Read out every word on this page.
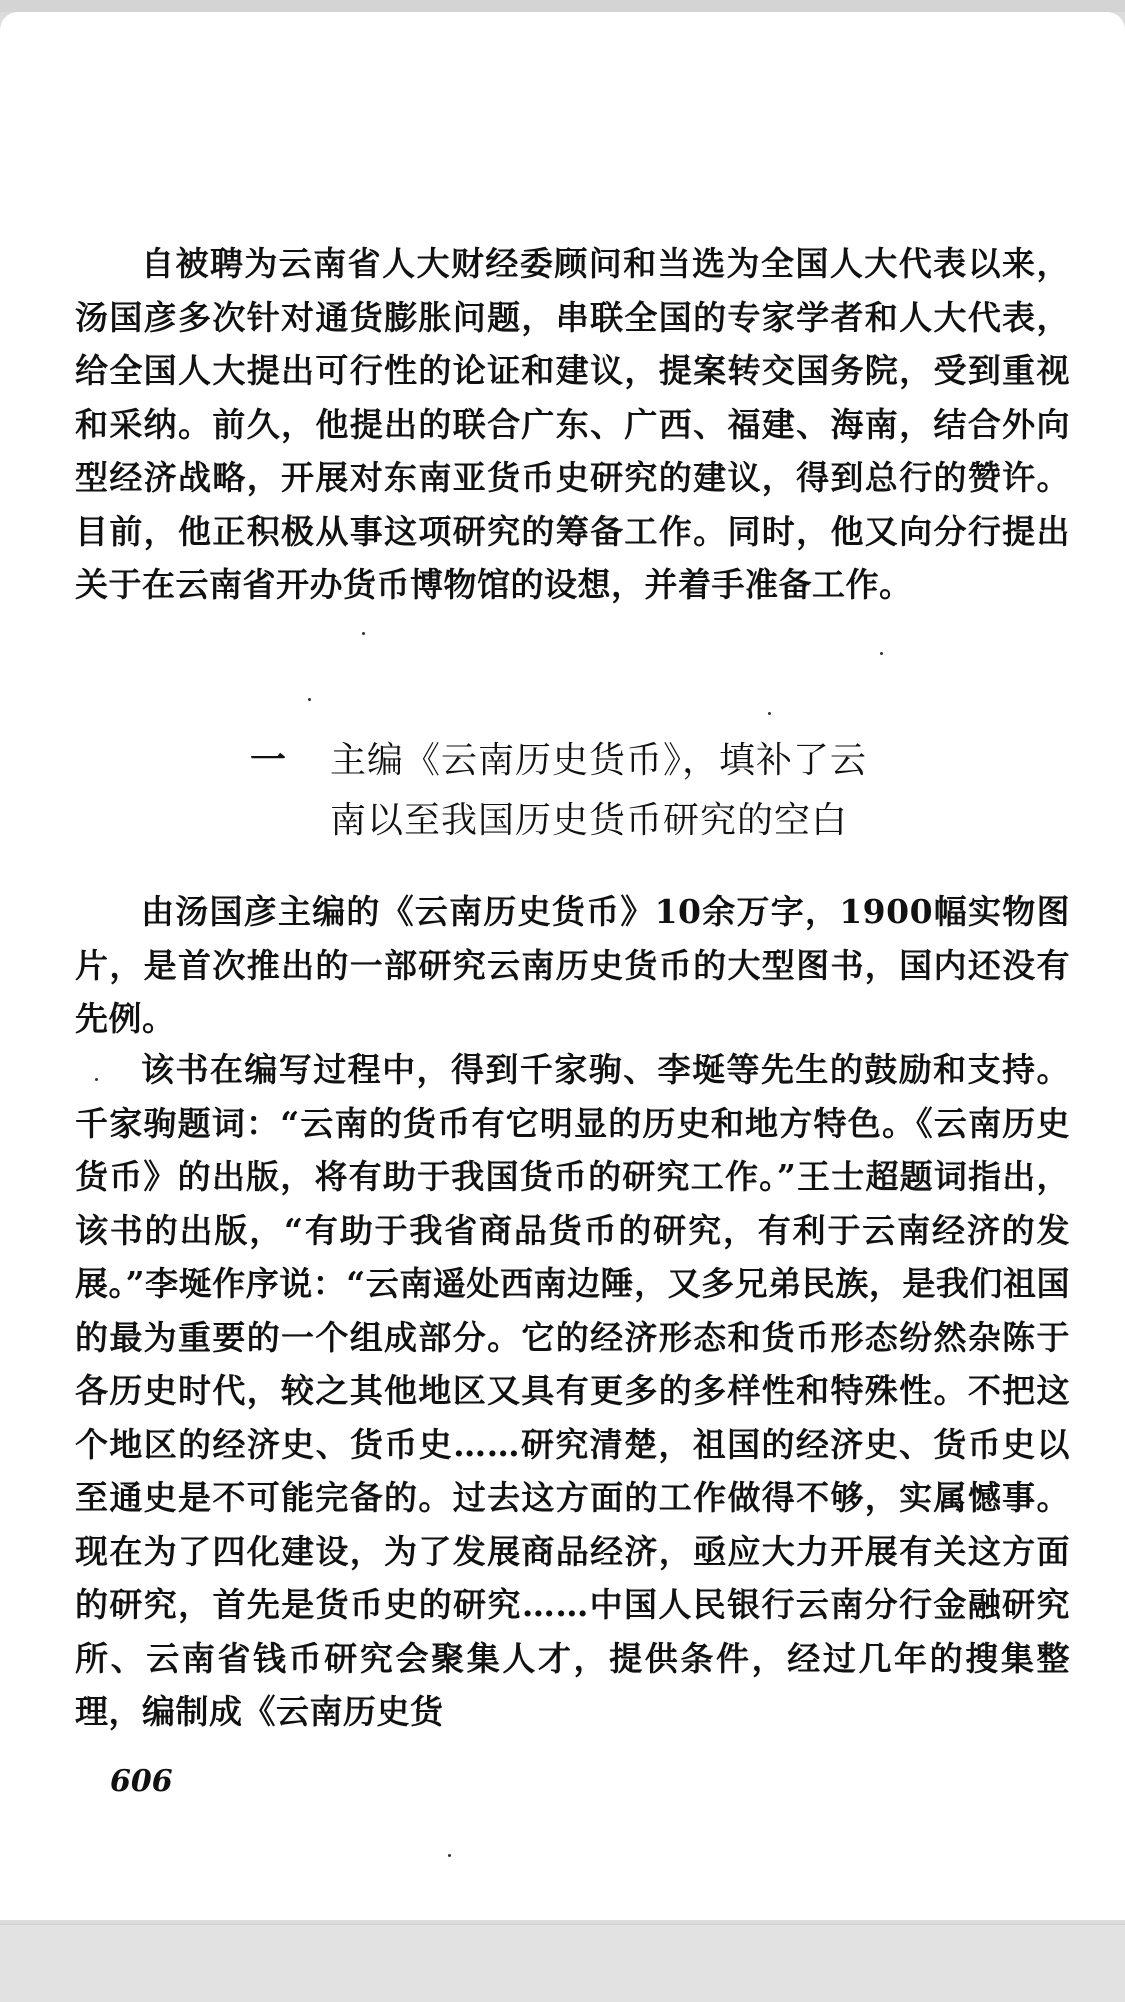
自被聘为云南省人大财经委顾问和当选为全国人大代表以来，汤国彦多次针对通货膨胀问题，串联全国的专家学者和人大代表，给全国人大提出可行性的论证和建议，提案转交国务院，受到重视和采纳。前久，他提出的联合广东、广西、福建、海南，结合外向型经济战略，开展对东南亚货币史研究的建议，得到总行的赞许。目前，他正积极从事这项研究的筹备工作。同时，他又向分行提出关于在云南省开办货币博物馆的设想，并着手准备工作。

一 主编《云南历史货币》，填补了云
南以至我国历史货币研究的空白

由汤国彦主编的《云南历史货币》10余万字，1900幅实物图片，是首次推出的一部研究云南历史货币的大型图书，国内还没有先例。

该书在编写过程中，得到千家驹、李埏等先生的鼓励和支持。千家驹题词：“云南的货币有它明显的历史和地方特色。《云南历史货币》的出版，将有助于我国货币的研究工作。”王士超题词指出，该书的出版，“有助于我省商品货币的研究，有利于云南经济的发展。”李埏作序说：“云南遥处西南边陲，又多兄弟民族，是我们祖国的最为重要的一个组成部分。它的经济形态和货币形态纷然杂陈于各历史时代，较之其他地区又具有更多的多样性和特殊性。不把这个地区的经济史、货币史……研究清楚，祖国的经济史、货币史以至通史是不可能完备的。过去这方面的工作做得不够，实属憾事。现在为了四化建设，为了发展商品经济，亟应大力开展有关这方面的研究，首先是货币史的研究……中国人民银行云南分行金融研究所、云南省钱币研究会聚集人才，提供条件，经过几年的搜集整理，编制成《云南历史货

606
